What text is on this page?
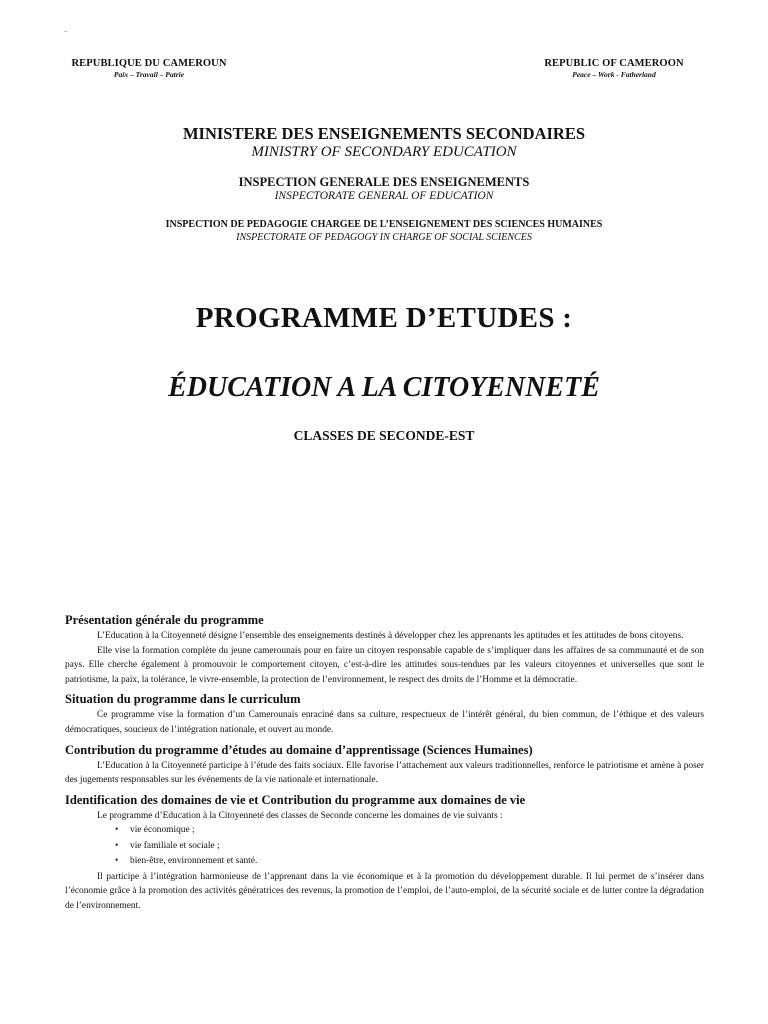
..
REPUBLIQUE DU CAMEROUN
Paix – Travail – Patrie
REPUBLIC OF CAMEROON
Peace – Work - Fatherland
MINISTERE DES ENSEIGNEMENTS SECONDAIRES
MINISTRY OF SECONDARY EDUCATION
INSPECTION GENERALE DES ENSEIGNEMENTS
INSPECTORATE GENERAL OF EDUCATION
INSPECTION DE PEDAGOGIE CHARGEE DE L’ENSEIGNEMENT DES SCIENCES HUMAINES
INSPECTORATE OF PEDAGOGY IN CHARGE OF SOCIAL SCIENCES
PROGRAMME D’ETUDES :
ÉDUCATION A LA CITOYENNETÉ
CLASSES DE SECONDE-EST
Présentation générale du programme

L’Education à la Citoyenneté désigne l’ensemble des enseignements destinés à développer chez les apprenants les aptitudes et les attitudes de bons citoyens.

Elle vise la formation complète du jeune camerounais pour en faire un citoyen responsable capable de s’impliquer dans les affaires de sa communauté et de son pays. Elle cherche également à promouvoir le comportement citoyen, c’est-à-dire les attitudes sous-tendues par les valeurs citoyennes et universelles que sont le patriotisme, la paix, la tolérance, le vivre-ensemble, la protection de l’environnement, le respect des droits de l’Homme et la démocratie.

Situation du programme dans le curriculum

Ce programme vise la formation d’un Camerounais enraciné dans sa culture, respectueux de l’intérêt général, du bien commun, de l’éthique et des valeurs démocratiques, soucieux de l’intégration nationale, et ouvert au monde.

Contribution du programme d’études au domaine d’apprentissage (Sciences Humaines)

L’Education à la Citoyenneté participe à l’étude des faits sociaux. Elle favorise l’attachement aux valeurs traditionnelles, renforce le patriotisme et amène à poser des jugements responsables sur les événements de la vie nationale et internationale.

Identification des domaines de vie et Contribution du programme aux domaines de vie

Le programme d’Education à la Citoyenneté des classes de Seconde concerne les domaines de vie suivants :

• vie économique ;
• vie familiale et sociale ;
• bien-être, environnement et santé.

Il participe à l’intégration harmonieuse de l’apprenant dans la vie économique et à la promotion du développement durable. Il lui permet de s’insérer dans l’économie grâce à la promotion des activités génératrices des revenus, la promotion de l’emploi, de l’auto-emploi, de la sécurité sociale et de lutter contre la dégradation de l’environnement.
